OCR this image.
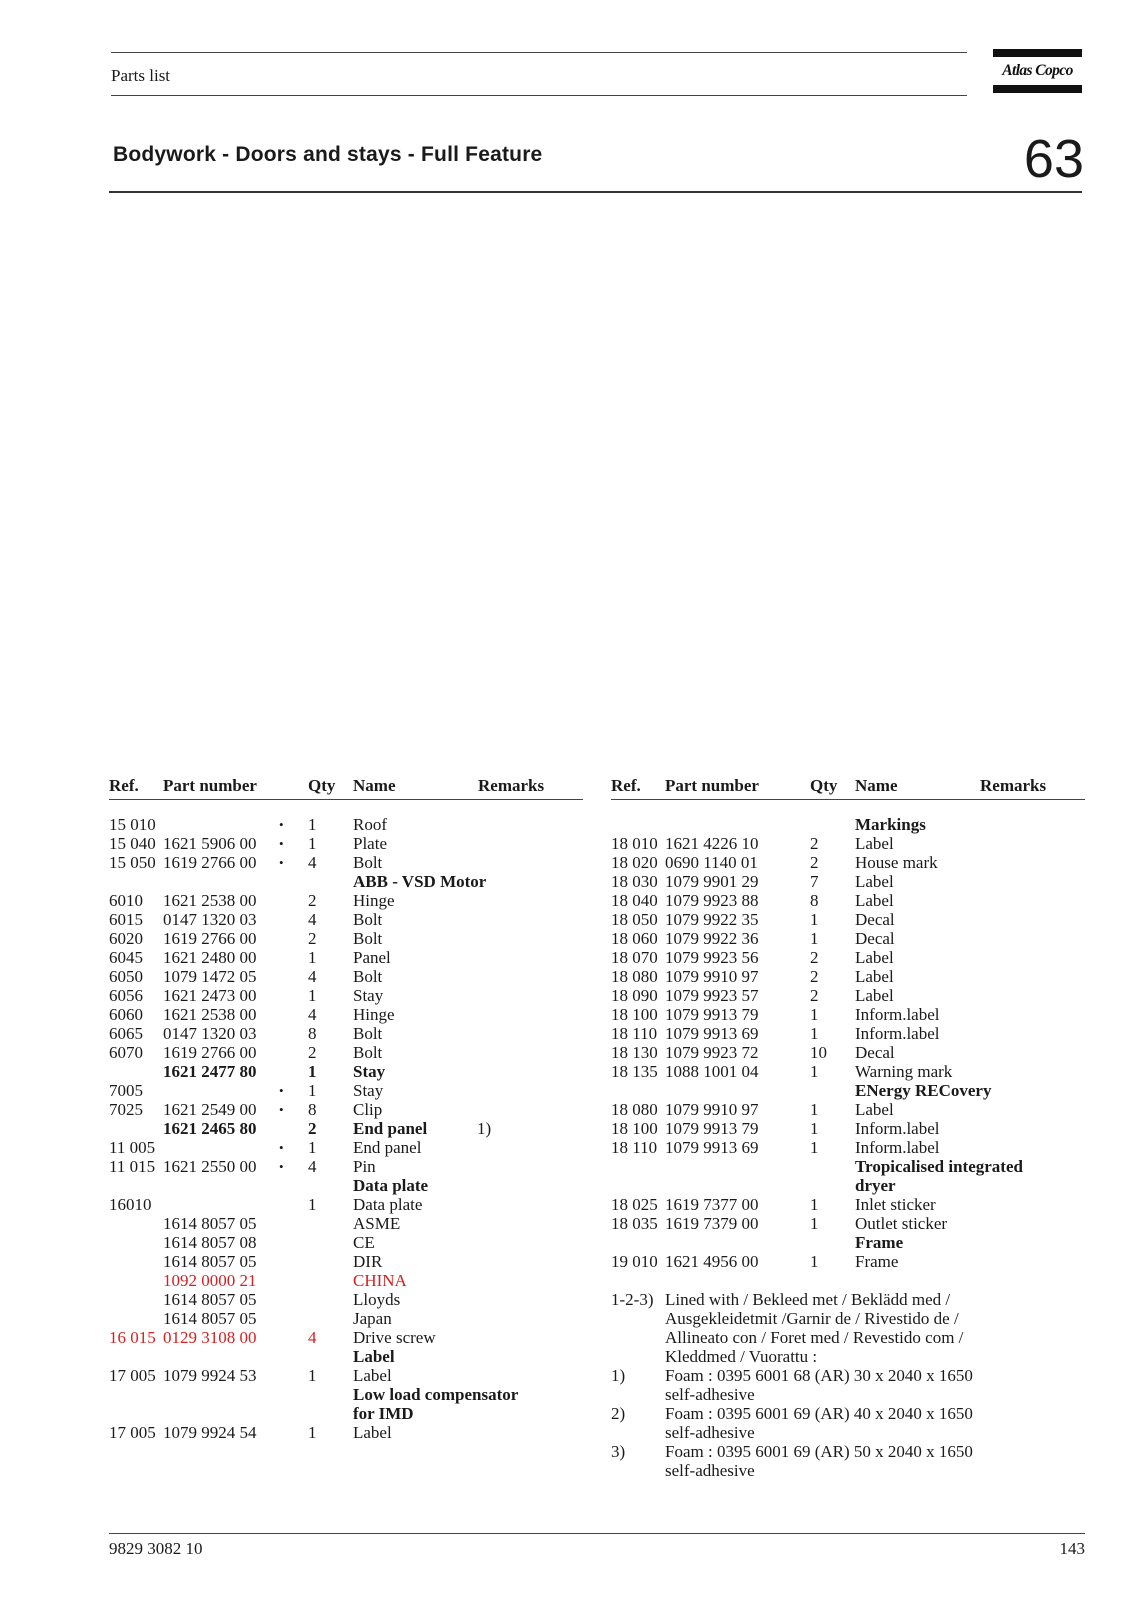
Parts list	Atlas Copco
Bodywork - Doors and stays - Full Feature	63
Ref. Part number	Qty Name	Remarks	Ref. Part number	Qty Name	Remarks
15 010	• 1 Roof
15 040 1621 5906 00 • 1 Plate
15 050 1619 2766 00 • 4 Bolt
ABB - VSD Motor
6010 1621 2538 00	2 Hinge
6015 0147 1320 03	4 Bolt
6020 1619 2766 00	2 Bolt
6045 1621 2480 00	1 Panel
6050 1079 1472 05	4 Bolt
6056 1621 2473 00	1 Stay
6060 1621 2538 00	4 Hinge
6065 0147 1320 03	8 Bolt
6070 1619 2766 00	2 Bolt
1621 2477 80	1 Stay
7005	• 1 Stay
7025 1621 2549 00 • 8 Clip
1621 2465 80	2 End panel	1)
11 005	• 1 End panel
11 015 1621 2550 00 • 4 Pin
Data plate
16010	1 Data plate
1614 8057 05	ASME
1614 8057 08	CE
1614 8057 05	DIR
1092 0000 21	CHINA
1614 8057 05	Lloyds
1614 8057 05	Japan
16 015 0129 3108 00	4 Drive screw
Label
17 005 1079 9924 53	1 Label
Low load compensator
for IMD
17 005 1079 9924 54	1 Label
Markings
18 010 1621 4226 10	2 Label
18 020 0690 1140 01	2 House mark
18 030 1079 9901 29	7 Label
18 040 1079 9923 88	8 Label
18 050 1079 9922 35	1 Decal
18 060 1079 9922 36	1 Decal
18 070 1079 9923 56	2 Label
18 080 1079 9910 97	2 Label
18 090 1079 9923 57	2 Label
18 100 1079 9913 79	1 Inform.label
18 110 1079 9913 69	1 Inform.label
18 130 1079 9923 72	10 Decal
18 135 1088 1001 04	1 Warning mark
ENergy RECovery
18 080 1079 9910 97	1 Label
18 100 1079 9913 79	1 Inform.label
18 110 1079 9913 69	1 Inform.label
Tropicalised integrated
dryer
18 025 1619 7377 00	1 Inlet sticker
18 035 1619 7379 00	1 Outlet sticker
Frame
19 010 1621 4956 00	1 Frame
1-2-3) Lined with / Bekleed met / Beklädd med /
Ausgekleidetmit /Garnir de / Rivestido de /
Allineato con / Foret med / Revestido com /
Kleddmed / Vuorattu :
1) Foam : 0395 6001 68 (AR) 30 x 2040 x 1650
self-adhesive
2) Foam : 0395 6001 69 (AR) 40 x 2040 x 1650
self-adhesive
3) Foam : 0395 6001 69 (AR) 50 x 2040 x 1650
self-adhesive
9829 3082 10	143
